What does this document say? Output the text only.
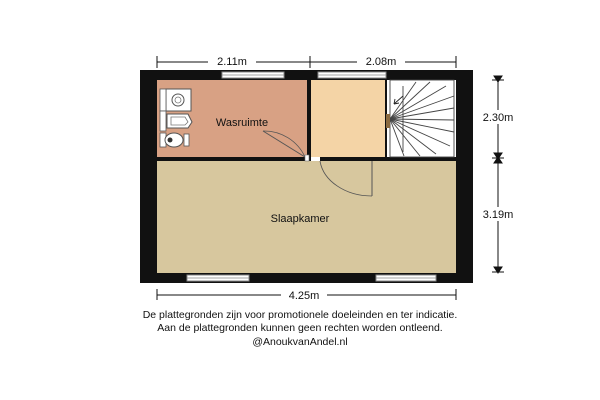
Wasruimte
Slaapkamer
2.11m	2.08m
2.30m
3.19m
4.25m
De plattegronden zijn voor promotionele doeleinden en ter indicatie.
Aan de plattegronden kunnen geen rechten worden ontleend.
@AnoukvanAndel.nl
